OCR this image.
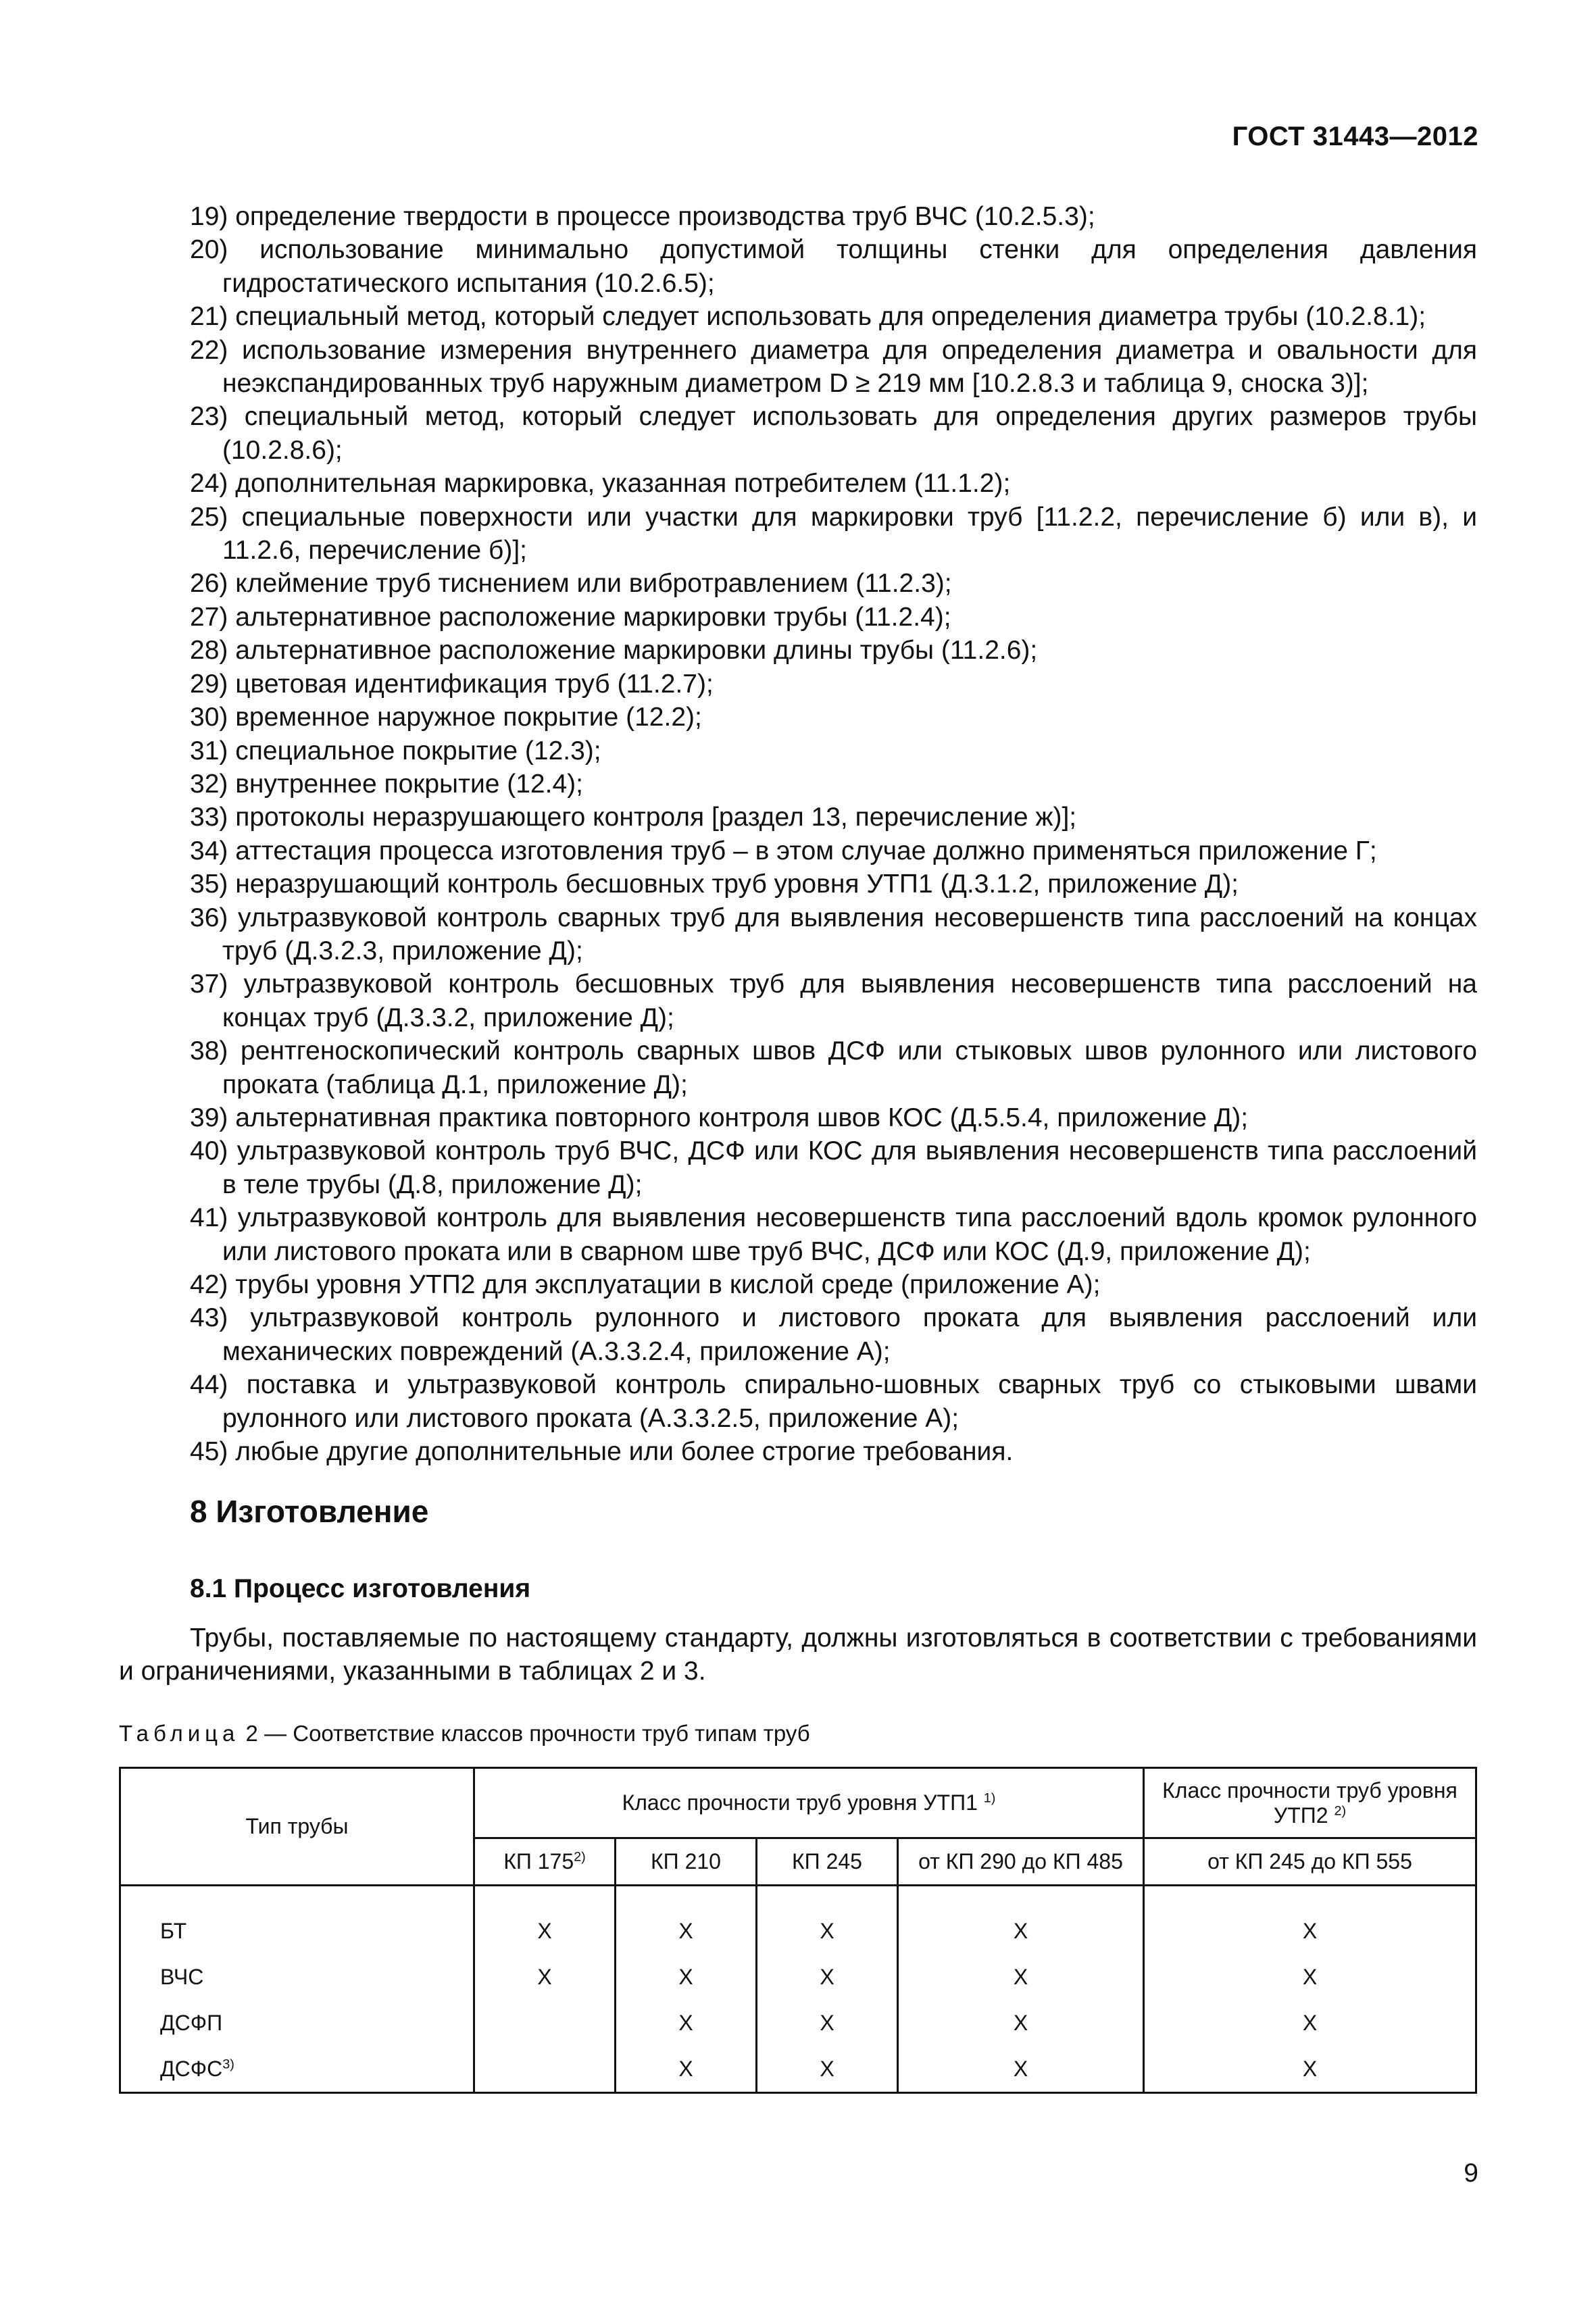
ГОСТ 31443—2012

19) определение твердости в процессе производства труб ВЧС (10.2.5.3);

20) использование минимально допустимой толщины стенки для определения давления гидростатического испытания (10.2.6.5);

21) специальный метод, который следует использовать для определения диаметра трубы (10.2.8.1);

22) использование измерения внутреннего диаметра для определения диаметра и овальности для неэкспандированных труб наружным диаметром D ≥ 219 мм [10.2.8.3 и таблица 9, сноска 3)];

23) специальный метод, который следует использовать для определения других размеров трубы (10.2.8.6);

24) дополнительная маркировка, указанная потребителем (11.1.2);

25) специальные поверхности или участки для маркировки труб [11.2.2, перечисление б) или в), и 11.2.6, перечисление б)];

26) клеймение труб тиснением или вибротравлением (11.2.3);

27) альтернативное расположение маркировки трубы (11.2.4);

28) альтернативное расположение маркировки длины трубы (11.2.6);

29) цветовая идентификация труб (11.2.7);

30) временное наружное покрытие (12.2);

31) специальное покрытие (12.3);

32) внутреннее покрытие (12.4);

33) протоколы неразрушающего контроля [раздел 13, перечисление ж)];

34) аттестация процесса изготовления труб – в этом случае должно применяться приложение Г;

35) неразрушающий контроль бесшовных труб уровня УТП1 (Д.3.1.2, приложение Д);

36) ультразвуковой контроль сварных труб для выявления несовершенств типа расслоений на концах труб (Д.3.2.3, приложение Д);

37) ультразвуковой контроль бесшовных труб для выявления несовершенств типа расслоений на концах труб (Д.3.3.2, приложение Д);

38) рентгеноскопический контроль сварных швов ДСФ или стыковых швов рулонного или листового проката (таблица Д.1, приложение Д);

39) альтернативная практика повторного контроля швов КОС (Д.5.5.4, приложение Д);

40) ультразвуковой контроль труб ВЧС, ДСФ или КОС для выявления несовершенств типа расслоений в теле трубы (Д.8, приложение Д);

41) ультразвуковой контроль для выявления несовершенств типа расслоений вдоль кромок рулонного или листового проката или в сварном шве труб ВЧС, ДСФ или КОС (Д.9, приложение Д);

42) трубы уровня УТП2 для эксплуатации в кислой среде (приложение А);

43) ультразвуковой контроль рулонного и листового проката для выявления расслоений или механических повреждений (А.3.3.2.4, приложение А);

44) поставка и ультразвуковой контроль спирально-шовных сварных труб со стыковыми швами рулонного или листового проката (А.3.3.2.5, приложение А);

45) любые другие дополнительные или более строгие требования.

8 Изготовление
8.1 Процесс изготовления

Трубы, поставляемые по настоящему стандарту, должны изготовляться в соответствии с требованиями и ограничениями, указанными в таблицах 2 и 3.

Таблица 2 — Соответствие классов прочности труб типам труб
Тип трубы	Класс прочности труб уровня УТП1 $^{1)}$				Класс прочности труб уровня УТП2 $^{2)}$
	КП 175$^{2)}$	КП 210	КП 245	от КП 290 до КП 485	от КП 245 до КП 555

БТ	X	X	X	X	X
ВЧС	X	X	X	X	X
ДСФП		X	X	X	X
ДСФС$^{3)}$		X	X	X	X
9
